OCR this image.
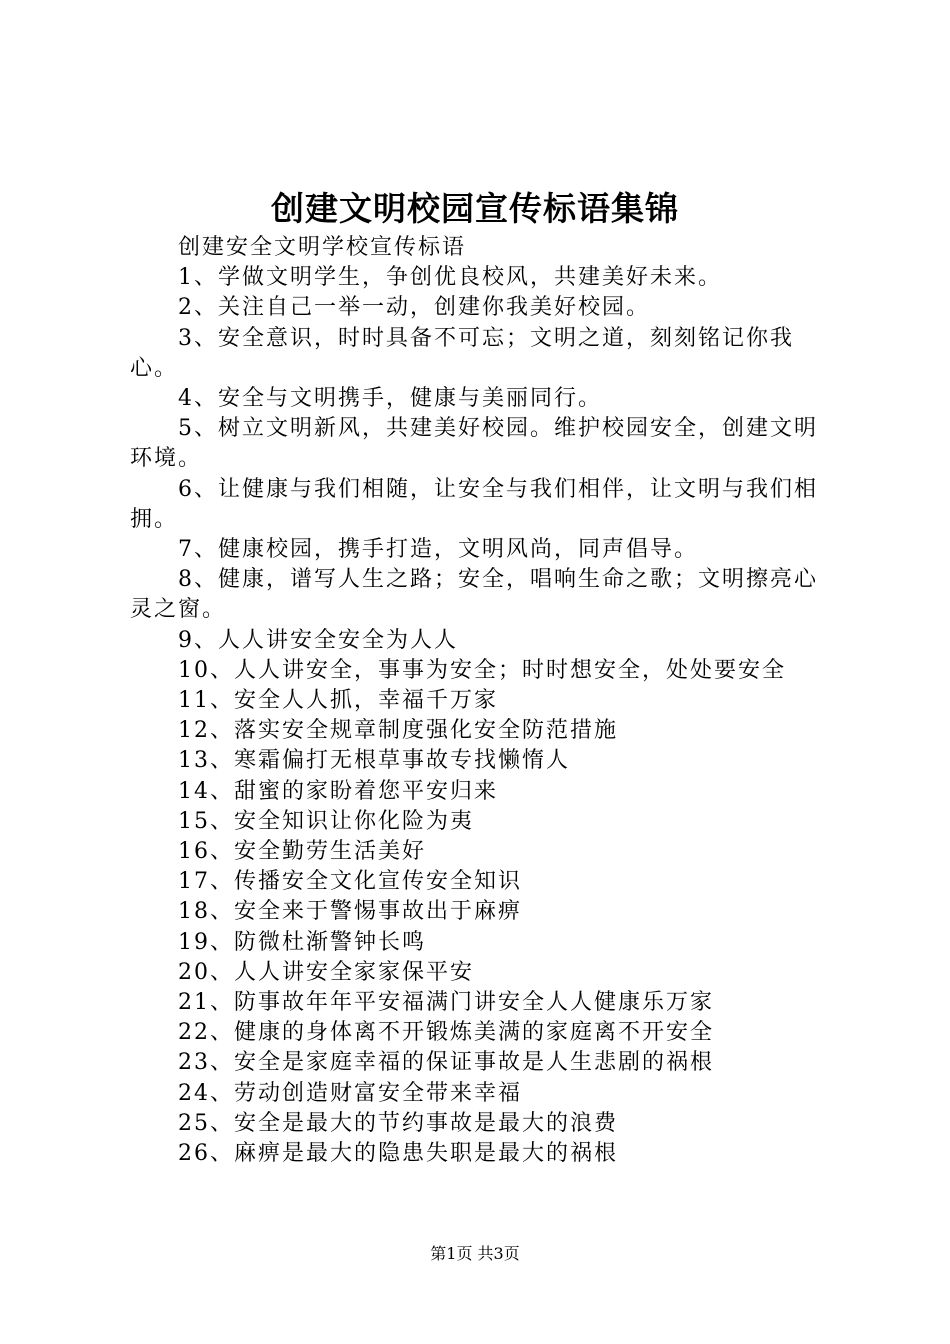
创建文明校园宣传标语集锦

创建安全文明学校宣传标语

1、学做文明学生，争创优良校风，共建美好未来。

2、关注自己一举一动，创建你我美好校园。

3、安全意识，时时具备不可忘；文明之道，刻刻铭记你我心。

4、安全与文明携手，健康与美丽同行。

5、树立文明新风，共建美好校园。维护校园安全，创建文明环境。

6、让健康与我们相随，让安全与我们相伴，让文明与我们相拥。

7、健康校园，携手打造，文明风尚，同声倡导。

8、健康，谱写人生之路；安全，唱响生命之歌；文明擦亮心灵之窗。

9、人人讲安全安全为人人

10、人人讲安全，事事为安全；时时想安全，处处要安全

11、安全人人抓，幸福千万家

12、落实安全规章制度强化安全防范措施

13、寒霜偏打无根草事故专找懒惰人

14、甜蜜的家盼着您平安归来

15、安全知识让你化险为夷

16、安全勤劳生活美好

17、传播安全文化宣传安全知识

18、安全来于警惕事故出于麻痹

19、防微杜渐警钟长鸣

20、人人讲安全家家保平安

21、防事故年年平安福满门讲安全人人健康乐万家

22、健康的身体离不开锻炼美满的家庭离不开安全

23、安全是家庭幸福的保证事故是人生悲剧的祸根

24、劳动创造财富安全带来幸福

25、安全是最大的节约事故是最大的浪费

26、麻痹是最大的隐患失职是最大的祸根

第1页 共3页
